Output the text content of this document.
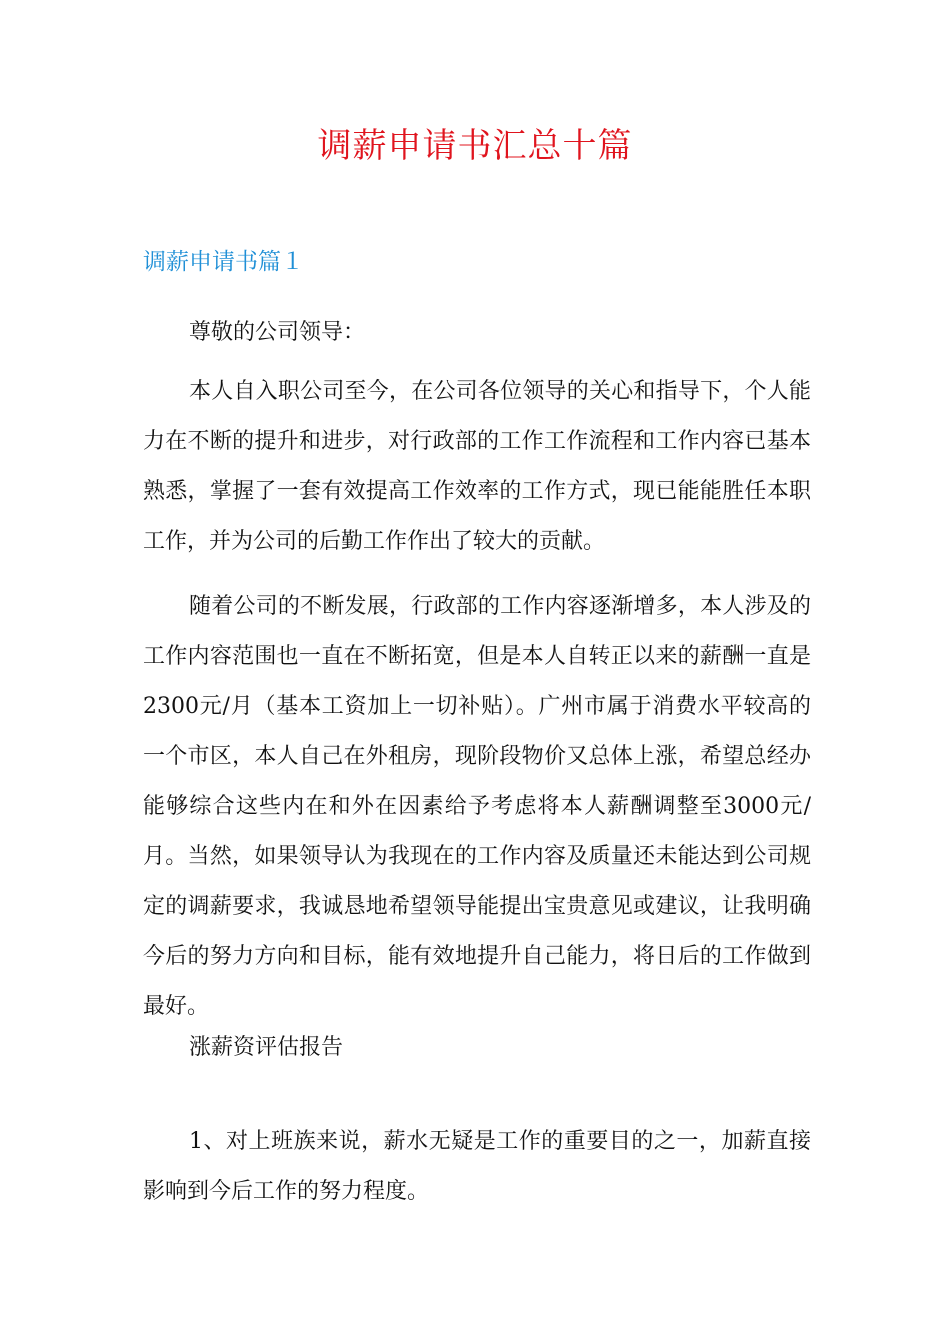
调薪申请书汇总十篇
调薪申请书篇１

尊敬的公司领导：

本人自入职公司至今，在公司各位领导的关心和指导下，个人能力在不断的提升和进步，对行政部的工作工作流程和工作内容已基本熟悉，掌握了一套有效提高工作效率的工作方式，现已能能胜任本职工作，并为公司的后勤工作作出了较大的贡献。

随着公司的不断发展，行政部的工作内容逐渐增多，本人涉及的工作内容范围也一直在不断拓宽，但是本人自转正以来的薪酬一直是2300元/月（基本工资加上一切补贴）。广州市属于消费水平较高的一个市区，本人自己在外租房，现阶段物价又总体上涨，希望总经办能够综合这些内在和外在因素给予考虑将本人薪酬调整至3000元/月。当然，如果领导认为我现在的工作内容及质量还未能达到公司规定的调薪要求，我诚恳地希望领导能提出宝贵意见或建议，让我明确今后的努力方向和目标，能有效地提升自己能力，将日后的工作做到最好。

涨薪资评估报告

1、对上班族来说，薪水无疑是工作的重要目的之一，加薪直接影响到今后工作的努力程度。
